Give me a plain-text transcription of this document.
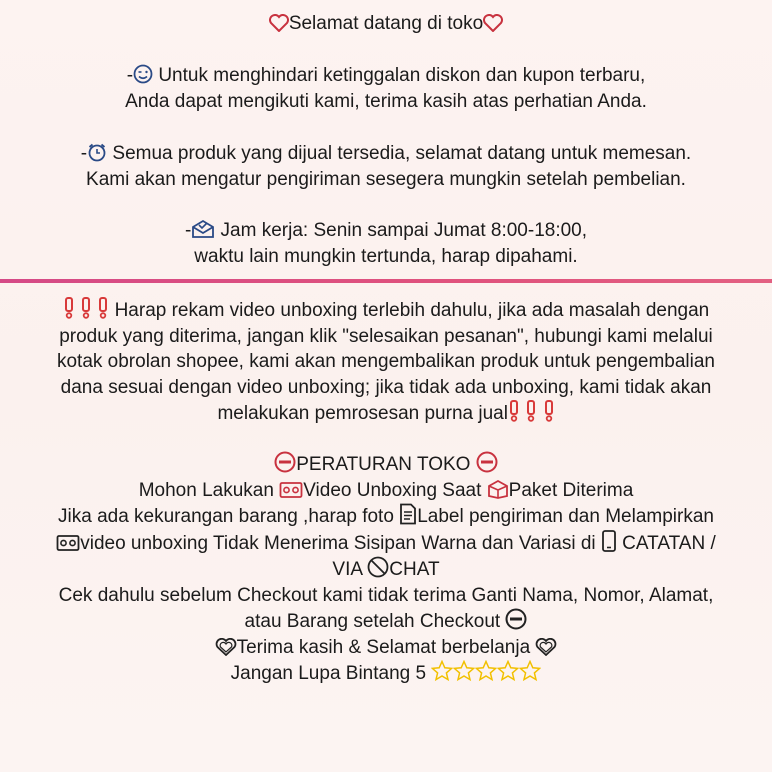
Selamat datang di toko
- Untuk menghindari ketinggalan diskon dan kupon terbaru,
Anda dapat mengikuti kami, terima kasih atas perhatian Anda.
- Semua produk yang dijual tersedia, selamat datang untuk memesan.
Kami akan mengatur pengiriman sesegera mungkin setelah pembelian.
- Jam kerja: Senin sampai Jumat 8:00-18:00,
waktu lain mungkin tertunda, harap dipahami.
Harap rekam video unboxing terlebih dahulu, jika ada masalah dengan
produk yang diterima, jangan klik "selesaikan pesanan", hubungi kami melalui
kotak obrolan shopee, kami akan mengembalikan produk untuk pengembalian
dana sesuai dengan video unboxing; jika tidak ada unboxing, kami tidak akan
melakukan pemrosesan purna jual
PERATURAN TOKO
Mohon Lakukan Video Unboxing Saat Paket Diterima
Jika ada kekurangan barang ,harap foto Label pengiriman dan Melampirkan
video unboxing Tidak Menerima Sisipan Warna dan Variasi di  CATATAN /
VIA CHAT
Cek dahulu sebelum Checkout kami tidak terima Ganti Nama, Nomor, Alamat,
atau Barang setelah Checkout
Terima kasih & Selamat berbelanja
Jangan Lupa Bintang 5
